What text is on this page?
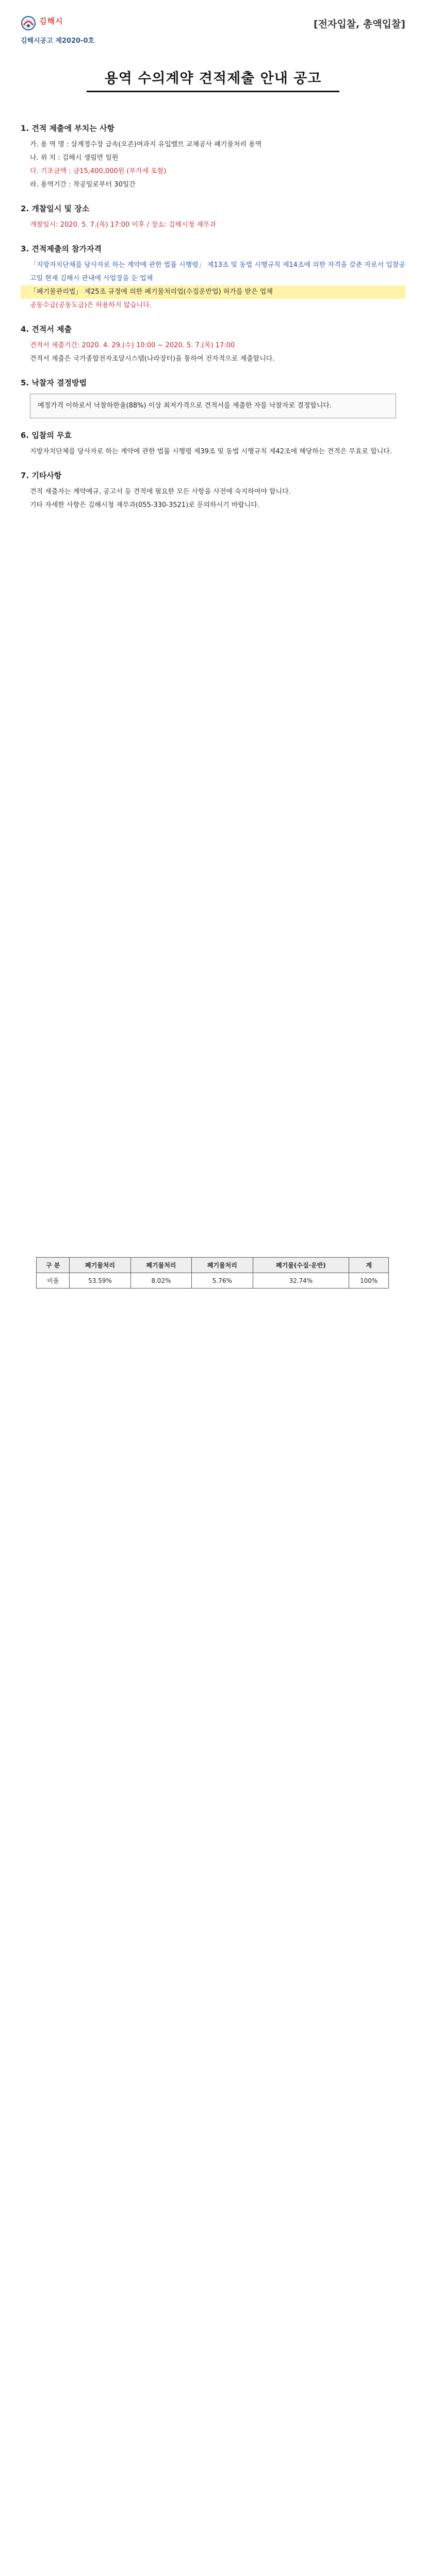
김해시
김해시공고 제2020-0호
[전자입찰, 총액입찰]
용역 수의계약 견적제출 안내 공고
1. 견적 제출에 부치는 사항
가. 용 역 명 : 삼계정수장 급속(오존)여과지 유입밸브 교체공사 폐기물처리 용역
나. 위 치 : 김해시 생림면 일원
다. 기초금액 : 금15,400,000원 (부가세 포함)
라. 용역기간 : 착공일로부터 30일간
2. 개찰일시 및 장소
개찰일시: 2020. 5. 7.(목) 17:00 이후 / 장소: 김해시청 재무과
3. 견적제출의 참가자격
「지방자치단체를 당사자로 하는 계약에 관한 법률 시행령」 제13조 및 동법 시행규칙 제14조에 의한 자격을 갖춘 자로서 입찰공고일 현재 김해시 관내에 사업장을 둔 업체
「폐기물관리법」 제25조 규정에 의한 폐기물처리업(수집운반업) 허가를 받은 업체
공동수급(공동도급)은 허용하지 않습니다.
4. 견적서 제출
견적서 제출기간: 2020. 4. 29.(수) 10:00 ~ 2020. 5. 7.(목) 17:00
견적서 제출은 국가종합전자조달시스템(나라장터)을 통하여 전자적으로 제출합니다.
5. 낙찰자 결정방법
예정가격 이하로서 낙찰하한율(88%) 이상 최저가격으로 견적서를 제출한 자를 낙찰자로 결정합니다.
6. 입찰의 무효
지방자치단체를 당사자로 하는 계약에 관한 법률 시행령 제39조 및 동법 시행규칙 제42조에 해당하는 견적은 무효로 합니다.
7. 기타사항
견적 제출자는 계약예규, 공고서 등 견적에 필요한 모든 사항을 사전에 숙지하여야 합니다.
기타 자세한 사항은 김해시청 재무과(055-330-3521)로 문의하시기 바랍니다.
구 분	폐기물처리	폐기물처리	폐기물처리	폐기물(수집·운반)	계
비율	53.59%	8.02%	5.76%	32.74%	100%
